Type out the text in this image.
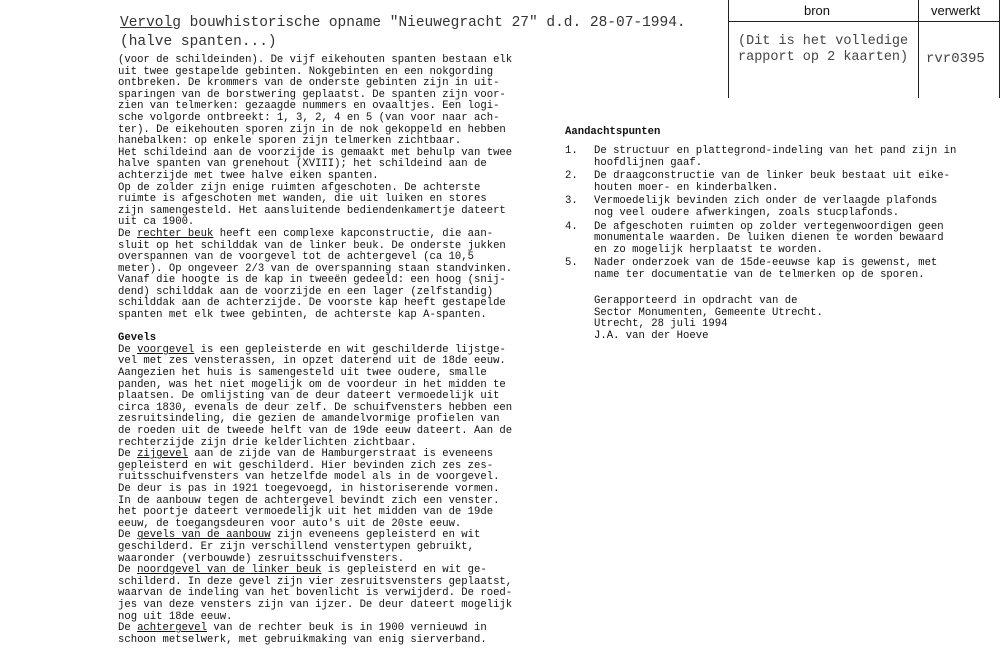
Vervolg bouwhistorische opname "Nieuwegracht 27" d.d. 28-07-1994.
(halve spanten...)
bron	verwerkt
(Dit is het volledige
rapport op 2 kaarten) rvr0395
(voor de schildeinden). De vijf eikehouten spanten bestaan elk
uit twee gestapelde gebinten. Nokgebinten en een nokgording
ontbreken. De krommers van de onderste gebinten zijn in uit-
sparingen van de borstwering geplaatst. De spanten zijn voor-
zien van telmerken: gezaagde nummers en ovaaltjes. Een logi-
sche volgorde ontbreekt: 1, 3, 2, 4 en 5 (van voor naar ach-
ter). De eikehouten sporen zijn in de nok gekoppeld en hebben
hanebalken: op enkele sporen zijn telmerken zichtbaar.
Het schildeind aan de voorzijde is gemaakt met behulp van twee
halve spanten van grenehout (XVIII); het schildeind aan de
achterzijde met twee halve eiken spanten.
Op de zolder zijn enige ruimten afgeschoten. De achterste
ruimte is afgeschoten met wanden, die uit luiken en stores
zijn samengesteld. Het aansluitende bediendenkamertje dateert
uit ca 1900.
De rechter beuk heeft een complexe kapconstructie, die aan-
sluit op het schilddak van de linker beuk. De onderste jukken
overspannen van de voorgevel tot de achtergevel (ca 10,5
meter). Op ongeveer 2/3 van de overspanning staan standvinken.
Vanaf die hoogte is de kap in tweeën gedeeld: een hoog (snij-
dend) schilddak aan de voorzijde en een lager (zelfstandig)
schilddak aan de achterzijde. De voorste kap heeft gestapelde
spanten met elk twee gebinten, de achterste kap A-spanten.

Gevels
De voorgevel is een gepleisterde en wit geschilderde lijstge-
vel met zes vensterassen, in opzet daterend uit de 18de eeuw.
Aangezien het huis is samengesteld uit twee oudere, smalle
panden, was het niet mogelijk om de voordeur in het midden te
plaatsen. De omlijsting van de deur dateert vermoedelijk uit
circa 1830, evenals de deur zelf. De schuifvensters hebben een
zesruitsindeling, die gezien de amandelvormige profielen van
de roeden uit de tweede helft van de 19de eeuw dateert. Aan de
rechterzijde zijn drie kelderlichten zichtbaar.
De zijgevel aan de zijde van de Hamburgerstraat is eveneens
gepleisterd en wit geschilderd. Hier bevinden zich zes zes-
ruitsschuifvensters van hetzelfde model als in de voorgevel.
De deur is pas in 1921 toegevoegd, in historiserende vormen.
In de aanbouw tegen de achtergevel bevindt zich een venster.
het poortje dateert vermoedelijk uit het midden van de 19de
eeuw, de toegangsdeuren voor auto's uit de 20ste eeuw.
De gevels van de aanbouw zijn eveneens gepleisterd en wit
geschilderd. Er zijn verschillend venstertypen gebruikt,
waaronder (verbouwde) zesruitsschuifvensters.
De noordgevel van de linker beuk is gepleisterd en wit ge-
schilderd. In deze gevel zijn vier zesruitsvensters geplaatst,
waarvan de indeling van het bovenlicht is verwijderd. De roed-
jes van deze vensters zijn van ijzer. De deur dateert mogelijk
nog uit 18de eeuw.
De achtergevel van de rechter beuk is in 1900 vernieuwd in
schoon metselwerk, met gebruikmaking van enig sierverband.
Aandachtspunten
1. De structuur en plattegrond-indeling van het pand zijn in
hoofdlijnen gaaf.
2. De draagconstructie van de linker beuk bestaat uit eike-
houten moer- en kinderbalken.
3. Vermoedelijk bevinden zich onder de verlaagde plafonds
nog veel oudere afwerkingen, zoals stucplafonds.
4. De afgeschoten ruimten op zolder vertegenwoordigen geen
monumentale waarden. De luiken dienen te worden bewaard
en zo mogelijk herplaatst te worden.
5. Nader onderzoek van de 15de-eeuwse kap is gewenst, met
name ter documentatie van de telmerken op de sporen.
Gerapporteerd in opdracht van de
Sector Monumenten, Gemeente Utrecht.
Utrecht, 28 juli 1994
J.A. van der Hoeve
